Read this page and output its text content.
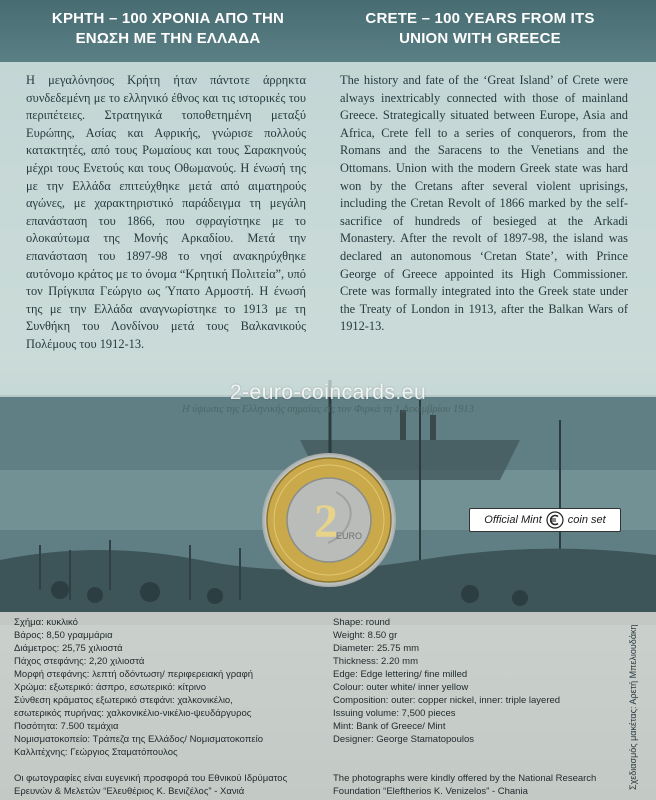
ΚΡΗΤΗ – 100 ΧΡΟΝΙΑ ΑΠΟ ΤΗΝ
ΕΝΩΣΗ ΜΕ ΤΗΝ ΕΛΛΑΔΑ
CRETE – 100 YEARS FROM ITS
UNION WITH GREECE
Η μεγαλόνησος Κρήτη ήταν πάντοτε άρρηκτα συνδεδεμένη με το ελληνικό έθνος και τις ιστορικές του περιπέτειες. Στρατηγικά τοποθετημένη μεταξύ Ευρώπης, Ασίας και Αφρικής, γνώρισε πολλούς κατακτητές, από τους Ρωμαίους και τους Σαρακηνούς μέχρι τους Ενετούς και τους Οθωμανούς. Η ένωσή της με την Ελλάδα επιτεύχθηκε μετά από αιματηρούς αγώνες, με χαρακτηριστικό παράδειγμα τη μεγάλη επανάσταση του 1866, που σφραγίστηκε με το ολοκαύτωμα της Μονής Αρκαδίου. Μετά την επανάσταση του 1897-98 το νησί ανακηρύχθηκε αυτόνομο κράτος με το όνομα “Κρητική Πολιτεία”, υπό τον Πρίγκιπα Γεώργιο ως Ύπατο Αρμοστή. Η ένωσή της με την Ελλάδα αναγνωρίστηκε το 1913 με τη Συνθήκη του Λονδίνου μετά τους Βαλκανικούς Πολέμους του 1912-13.
The history and fate of the ‘Great Island’ of Crete were always inextricably connected with those of mainland Greece. Strategically situated between Europe, Asia and Africa, Crete fell to a series of conquerors, from the Romans and the Saracens to the Venetians and the Ottomans. Union with the modern Greek state was hard won by the Cretans after several violent uprisings, including the Cretan Revolt of 1866 marked by the self-sacrifice of hundreds of besieged at the Arkadi Monastery. After the revolt of 1897-98, the island was declared an autonomous ‘Cretan State’, with Prince George of Greece appointed its High Commissioner. Crete was formally integrated into the Greek state under the Treaty of London in 1913, after the Balkan Wars of 1912-13.
2-euro-coincards.eu
Η ύψωσις της Ελληνικής σημαίας είς τον Φιρκά τη 1 Δεκεμβρίου 1913
2
EURO
Official Mint coin set
Σχήμα: κυκλικό
Βάρος: 8,50 γραμμάρια
Διάμετρος: 25,75 χιλιοστά
Πάχος στεφάνης: 2,20 χιλιοστά
Μορφή στεφάνης: λεπτή οδόντωση/ περιφερειακή γραφή
Χρώμα: εξωτερικό: άσπρο, εσωτερικό: κίτρινο
Σύνθεση κράματος εξωτερικό στεφάνι: χαλκονικέλιο,
εσωτερικός πυρήνας: χαλκονικέλιο-νικέλιο-ψευδάργυρος
Ποσότητα: 7.500 τεμάχια
Νομισματοκοπείο: Τράπεζα της Ελλάδος/ Νομισματοκοπείο
Καλλιτέχνης: Γεώργιος Σταματόπουλος
Shape: round
Weight: 8.50 gr
Diameter: 25.75 mm
Thickness: 2.20 mm
Edge: Edge lettering/ fine milled
Colour: outer white/ inner yellow
Composition: outer: copper nickel, inner: triple layered
Issuing volume: 7,500 pieces
Mint: Bank of Greece/ Mint
Designer: George Stamatopoulos
Οι φωτογραφίες είναι ευγενική προσφορά του Εθνικού Ιδρύματος Ερευνών & Μελετών “Ελευθέριος Κ. Βενιζέλος” - Χανιά
The photographs were kindly offered by the National Research Foundation “Eleftherios K. Venizelos” - Chania
Σχεδιασμός μακέτας: Αρετή Μπελιουδάκη
